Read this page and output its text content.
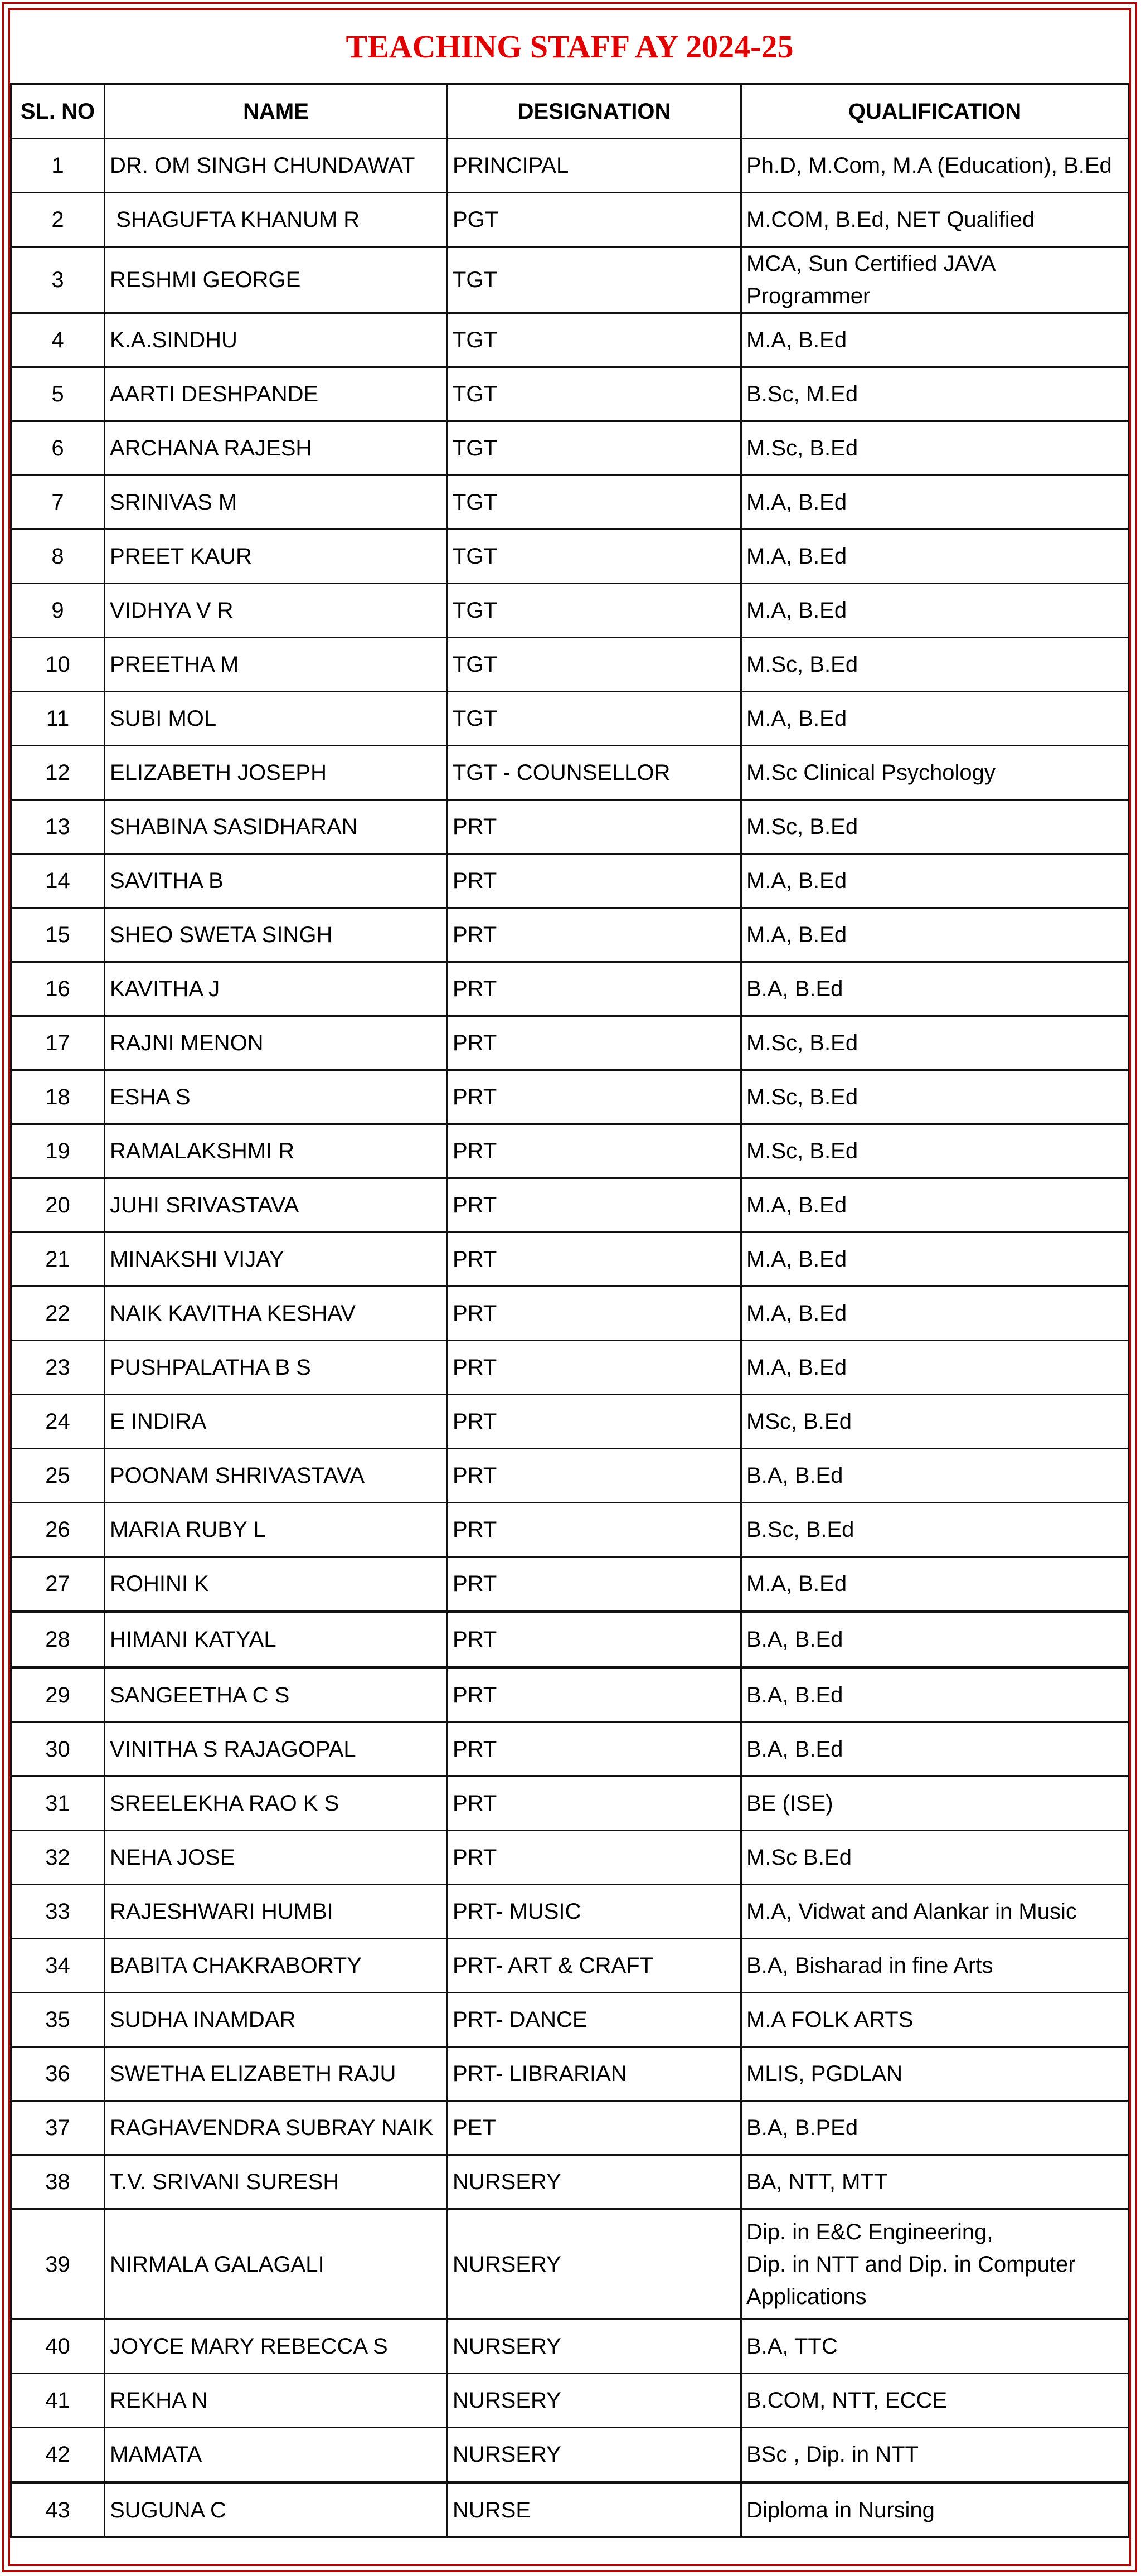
TEACHING STAFF AY 2024-25
SL. NO	NAME	DESIGNATION	QUALIFICATION
1	DR. OM SINGH CHUNDAWAT	PRINCIPAL	Ph.D, M.Com, M.A (Education), B.Ed
2	SHAGUFTA KHANUM R	PGT	M.COM, B.Ed, NET Qualified
3	RESHMI GEORGE	TGT	MCA, Sun Certified JAVA Programmer
4	K.A.SINDHU	TGT	M.A, B.Ed
5	AARTI DESHPANDE	TGT	B.Sc, M.Ed
6	ARCHANA RAJESH	TGT	M.Sc, B.Ed
7	SRINIVAS M	TGT	M.A, B.Ed
8	PREET KAUR	TGT	M.A, B.Ed
9	VIDHYA V R	TGT	M.A, B.Ed
10	PREETHA M	TGT	M.Sc, B.Ed
11	SUBI MOL	TGT	M.A, B.Ed
12	ELIZABETH JOSEPH	TGT - COUNSELLOR	M.Sc Clinical Psychology
13	SHABINA SASIDHARAN	PRT	M.Sc, B.Ed
14	SAVITHA B	PRT	M.A, B.Ed
15	SHEO SWETA SINGH	PRT	M.A, B.Ed
16	KAVITHA J	PRT	B.A, B.Ed
17	RAJNI MENON	PRT	M.Sc, B.Ed
18	ESHA S	PRT	M.Sc, B.Ed
19	RAMALAKSHMI R	PRT	M.Sc, B.Ed
20	JUHI SRIVASTAVA	PRT	M.A, B.Ed
21	MINAKSHI VIJAY	PRT	M.A, B.Ed
22	NAIK KAVITHA KESHAV	PRT	M.A, B.Ed
23	PUSHPALATHA B S	PRT	M.A, B.Ed
24	E INDIRA	PRT	MSc, B.Ed
25	POONAM SHRIVASTAVA	PRT	B.A, B.Ed
26	MARIA RUBY L	PRT	B.Sc, B.Ed
27	ROHINI K	PRT	M.A, B.Ed
28	HIMANI KATYAL	PRT	B.A, B.Ed
29	SANGEETHA C S	PRT	B.A, B.Ed
30	VINITHA S RAJAGOPAL	PRT	B.A, B.Ed
31	SREELEKHA RAO K S	PRT	BE (ISE)
32	NEHA JOSE	PRT	M.Sc B.Ed
33	RAJESHWARI HUMBI	PRT- MUSIC	M.A, Vidwat and Alankar in Music
34	BABITA CHAKRABORTY	PRT- ART & CRAFT	B.A, Bisharad in fine Arts
35	SUDHA INAMDAR	PRT- DANCE	M.A FOLK ARTS
36	SWETHA ELIZABETH RAJU	PRT- LIBRARIAN	MLIS, PGDLAN
37	RAGHAVENDRA SUBRAY NAIK	PET	B.A, B.PEd
38	T.V. SRIVANI SURESH	NURSERY	BA, NTT, MTT
39	NIRMALA GALAGALI	NURSERY	Dip. in E&C Engineering,
Dip. in NTT and Dip. in Computer
Applications

40	JOYCE MARY REBECCA S	NURSERY	B.A, TTC
41	REKHA N	NURSERY	B.COM, NTT, ECCE
42	MAMATA	NURSERY	BSc , Dip. in NTT
43	SUGUNA C	NURSE	Diploma in Nursing
